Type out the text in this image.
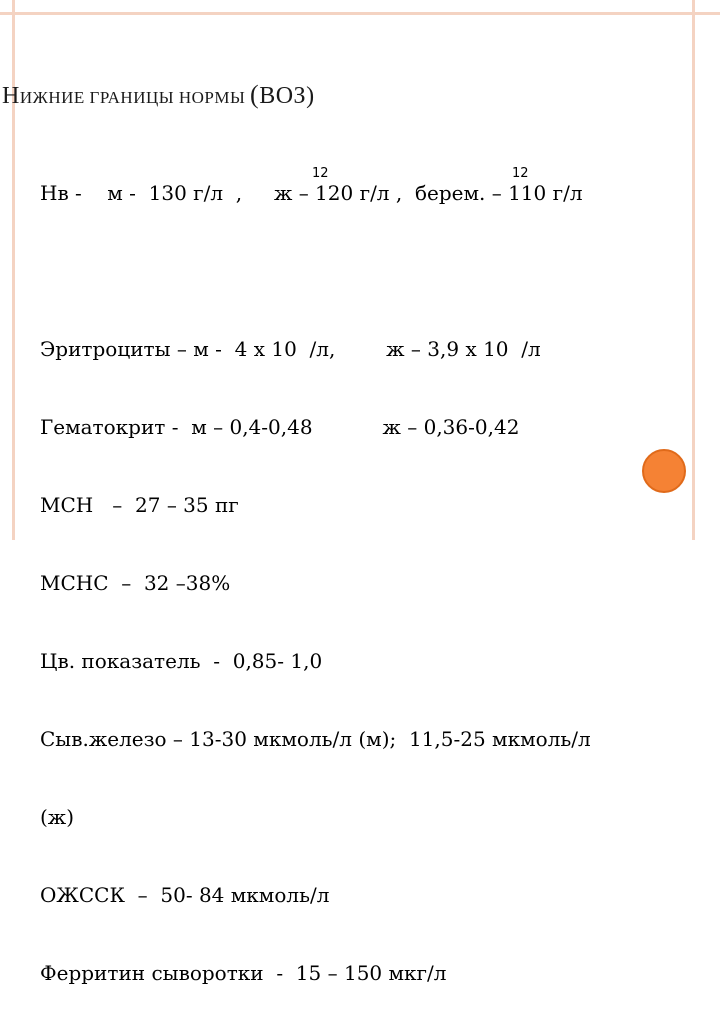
НИЖНИЕ ГРАНИЦЫ НОРМЫ (ВОЗ)

Нв -    м -  130 г/л  ,     ж – 120 г/л ,  берем. – 110 г/л

Эритроциты – м -  4 х 10  /л,        ж – 3,9 х 10  /л

Гематокрит -  м – 0,4-0,48           ж – 0,36-0,42

МСН   –  27 – 35 пг

МСНС  –  32 –38%

Цв. показатель  -  0,85- 1,0

Сыв.железо – 13-30 мкмоль/л (м);  11,5-25 мкмоль/л

(ж)

ОЖССК  –  50- 84 мкмоль/л

Ферритин сыворотки  -  15 – 150 мкг/л

12	12
